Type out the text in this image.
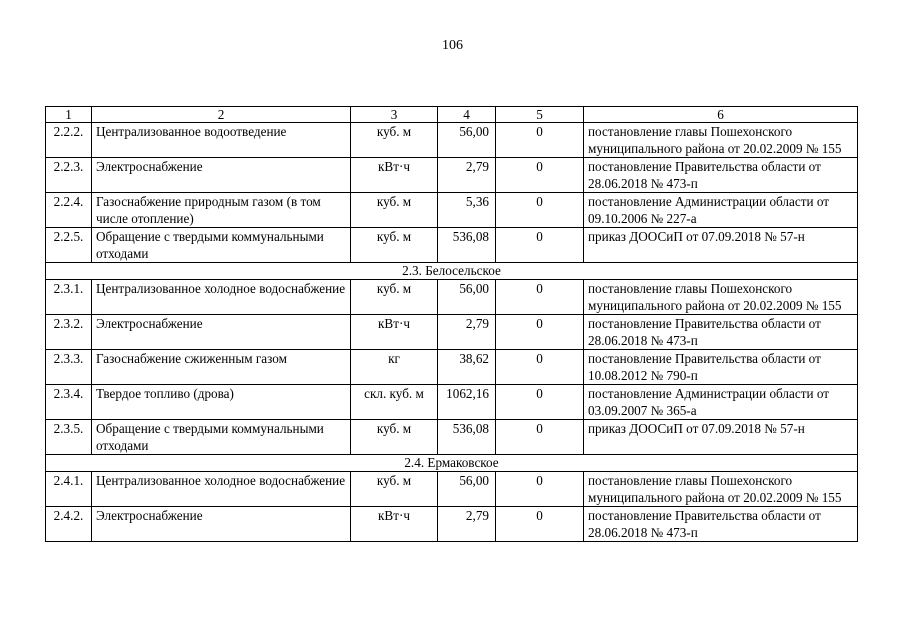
106
1	2	3	4	5	6
2.2.2.	Централизованное водоотведение	куб. м	56,00	0	постановление главы Пошехонского муниципального района от 20.02.2009 № 155
2.2.3.	Электроснабжение	кВт·ч	2,79	0	постановление Правительства области от 28.06.2018 № 473-п
2.2.4.	Газоснабжение природным газом (в том числе отопление)	куб. м	5,36	0	постановление Администрации области от 09.10.2006 № 227-а
2.2.5.	Обращение с твердыми коммунальными отходами	куб. м	536,08	0	приказ ДООСиП от 07.09.2018 № 57-н
2.3. Белосельское					
2.3.1.	Централизованное холодное водоснабжение	куб. м	56,00	0	постановление главы Пошехонского муниципального района от 20.02.2009 № 155
2.3.2.	Электроснабжение	кВт·ч	2,79	0	постановление Правительства области от 28.06.2018 № 473-п
2.3.3.	Газоснабжение сжиженным газом	кг	38,62	0	постановление Правительства области от 10.08.2012 № 790-п
2.3.4.	Твердое топливо (дрова)	скл. куб. м	1062,16	0	постановление Администрации области от 03.09.2007 № 365-а
2.3.5.	Обращение с твердыми коммунальными отходами	куб. м	536,08	0	приказ ДООСиП от 07.09.2018 № 57-н
2.4. Ермаковское					
2.4.1.	Централизованное холодное водоснабжение	куб. м	56,00	0	постановление главы Пошехонского муниципального района от 20.02.2009 № 155
2.4.2.	Электроснабжение	кВт·ч	2,79	0	постановление Правительства области от 28.06.2018 № 473-п
